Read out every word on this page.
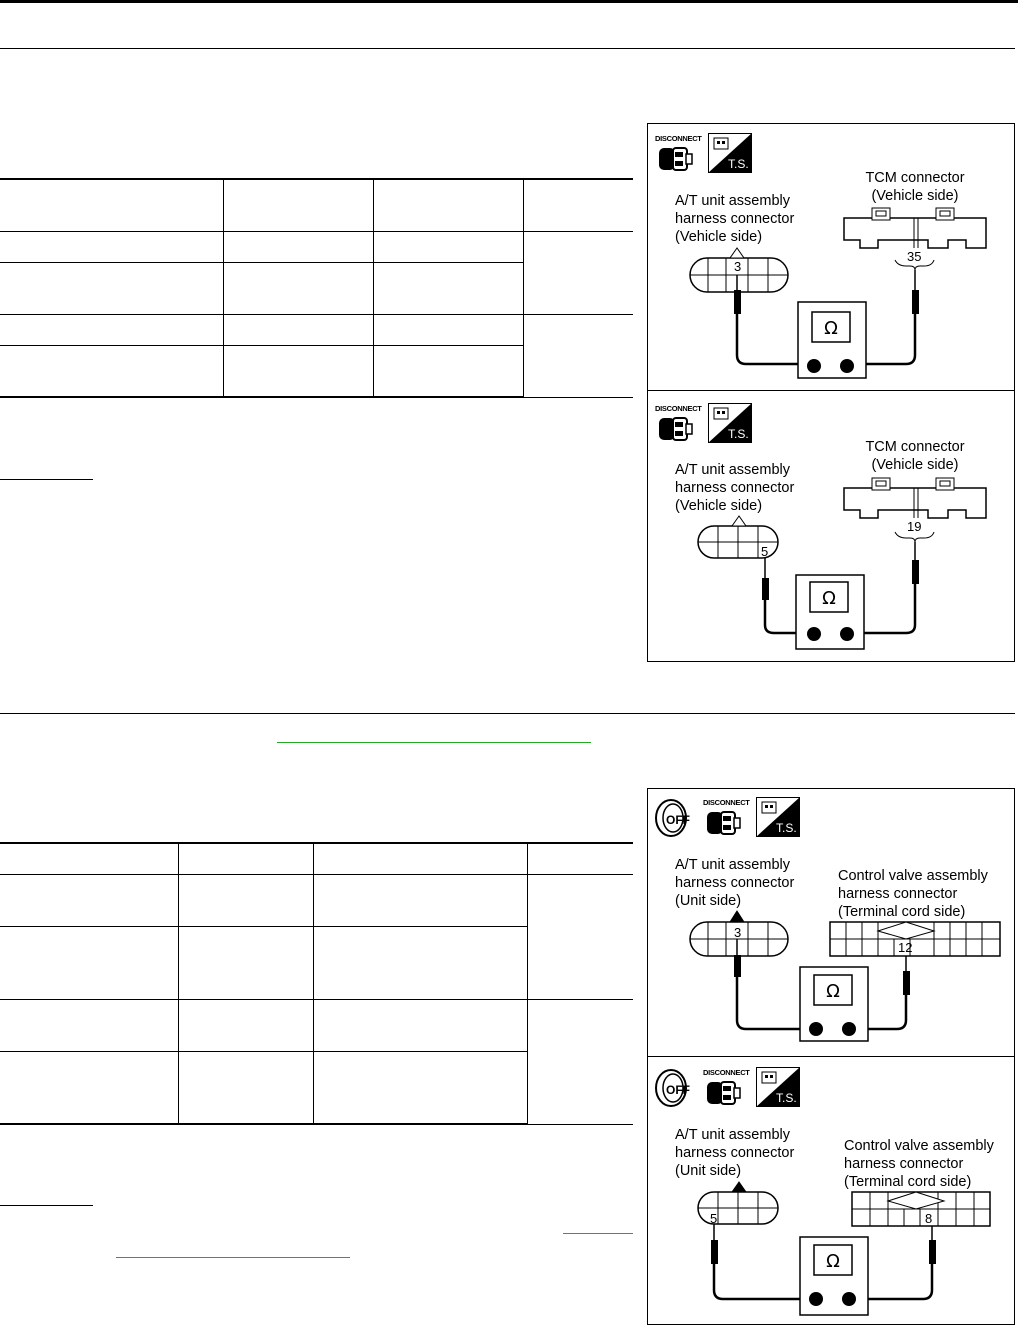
DISCONNECT
T.S.
A/T unit assembly
harness connector
(Vehicle side)
TCM connector
(Vehicle side)
Ω
3
35
DISCONNECT
T.S.
A/T unit assembly
harness connector
(Vehicle side)
TCM connector
(Vehicle side)
Ω
5
19
OFF
DISCONNECT
T.S.
A/T unit assembly
harness connector
(Unit side)
Control valve assembly
harness connector
(Terminal cord side)
Ω
3
12
OFF
DISCONNECT
T.S.
A/T unit assembly
harness connector
(Unit side)
Control valve assembly
harness connector
(Terminal cord side)
Ω
5	8
